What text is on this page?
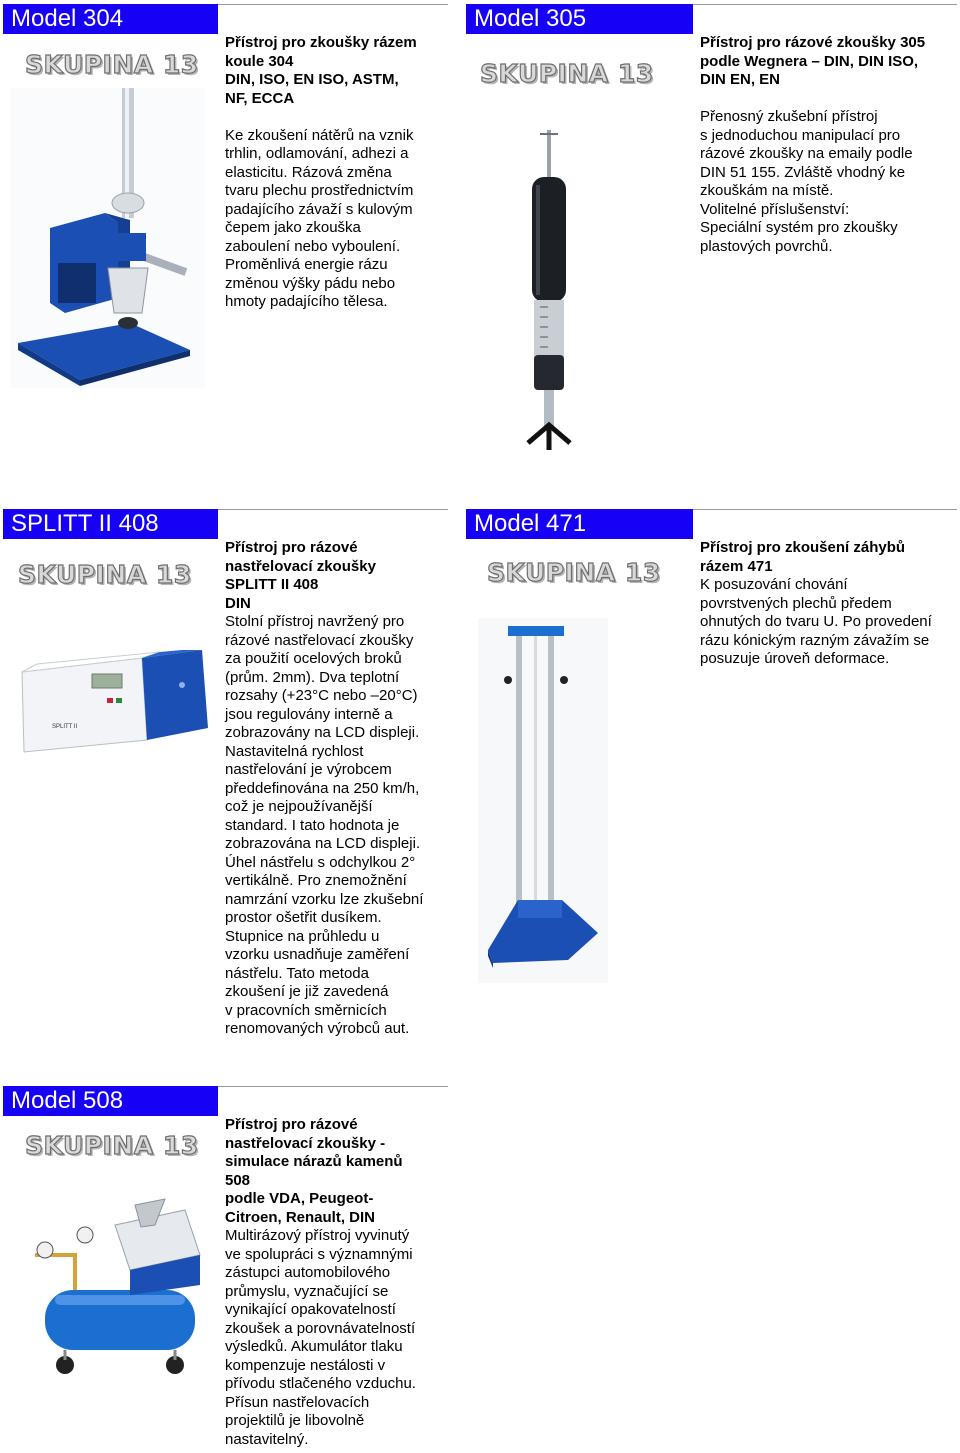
Model 304
SKUPINA 13
Přístroj pro zkoušky rázem
koule 304
DIN, ISO, EN ISO, ASTM,
NF, ECCA
Ke zkoušení nátěrů na vznik
trhlin, odlamování, adhezi a
elasticitu. Rázová změna
tvaru plechu prostřednictvím
padajícího závaží s kulovým
čepem jako zkouška
zaboulení nebo vyboulení.
Proměnlivá energie rázu
změnou výšky pádu nebo
hmoty padajícího tělesa.
Model 305
SKUPINA 13
Přístroj pro rázové zkoušky 305
podle Wegnera – DIN, DIN ISO,
DIN EN, EN
Přenosný zkušební přístroj
s jednoduchou manipulací pro
rázové zkoušky na emaily podle
DIN 51 155. Zvláště vhodný ke
zkouškám na místě.
Volitelné příslušenství:
Speciální systém pro zkoušky
plastových povrchů.
SPLITT II 408
SKUPINA 13
Přístroj pro rázové
nastřelovací zkoušky
SPLITT II 408
DIN
Stolní přístroj navržený pro
rázové nastřelovací zkoušky
za použití ocelových broků
(prům. 2mm). Dva teplotní
rozsahy (+23°C nebo –20°C)
jsou regulovány interně a
zobrazovány na LCD displeji.
Nastavitelná rychlost
nastřelování je výrobcem
předdefinována na 250 km/h,
což je nejpoužívanější
standard. I tato hodnota je
zobrazována na LCD displeji.
Úhel nástřelu s odchylkou 2°
vertikálně. Pro znemožnění
namrzání vzorku lze zkušební
prostor ošetřit dusíkem.
Stupnice na průhledu u
vzorku usnadňuje zaměření
nástřelu. Tato metoda
zkoušení je již zavedená
v pracovních směrnicích
renomovaných výrobců aut.
SPLITT II
Model 471
SKUPINA 13
Přístroj pro zkoušení záhybů
rázem 471
K posuzování chování
povrstvených plechů předem
ohnutých do tvaru U. Po provedení
rázu kónickým razným závažím se
posuzuje úroveň deformace.
Model 508
SKUPINA 13
Přístroj pro rázové
nastřelovací zkoušky -
simulace nárazů kamenů
508
podle VDA, Peugeot-
Citroen, Renault, DIN
Multirázový přístroj vyvinutý
ve spolupráci s významnými
zástupci automobilového
průmyslu, vyznačující se
vynikající opakovatelností
zkoušek a porovnávatelností
výsledků. Akumulátor tlaku
kompenzuje nestálosti v
přívodu stlačeného vzduchu.
Přísun nastřelovacích
projektilů je libovolně
nastavitelný.
